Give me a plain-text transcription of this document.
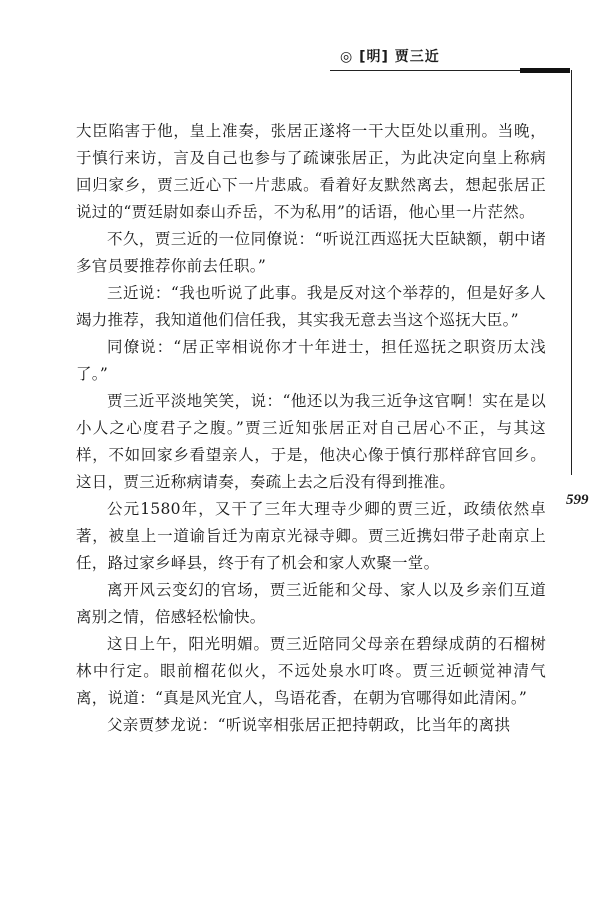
◎ [明] 贾三近
599

大臣陷害于他，皇上准奏，张居正遂将一干大臣处以重刑。当晚，于慎行来访，言及自己也参与了疏谏张居正，为此决定向皇上称病回归家乡，贾三近心下一片悲戚。看着好友默然离去，想起张居正说过的“贾廷尉如泰山乔岳，不为私用”的话语，他心里一片茫然。

不久，贾三近的一位同僚说：“听说江西巡抚大臣缺额，朝中诸多官员要推荐你前去任职。”

三近说：“我也听说了此事。我是反对这个举荐的，但是好多人竭力推荐，我知道他们信任我，其实我无意去当这个巡抚大臣。”

同僚说：“居正宰相说你才十年进士，担任巡抚之职资历太浅了。”

贾三近平淡地笑笑，说：“他还以为我三近争这官啊！实在是以小人之心度君子之腹。”贾三近知张居正对自己居心不正，与其这样，不如回家乡看望亲人，于是，他决心像于慎行那样辞官回乡。这日，贾三近称病请奏，奏疏上去之后没有得到推准。

公元1580年，又干了三年大理寺少卿的贾三近，政绩依然卓著，被皇上一道谕旨迁为南京光禄寺卿。贾三近携妇带子赴南京上任，路过家乡峄县，终于有了机会和家人欢聚一堂。

离开风云变幻的官场，贾三近能和父母、家人以及乡亲们互道离别之情，倍感轻松愉快。

这日上午，阳光明媚。贾三近陪同父母亲在碧绿成荫的石榴树林中行定。眼前榴花似火，不远处泉水叮咚。贾三近顿觉神清气离，说道：“真是风光宜人，鸟语花香，在朝为官哪得如此清闲。”

父亲贾梦龙说：“听说宰相张居正把持朝政，比当年的离拱
